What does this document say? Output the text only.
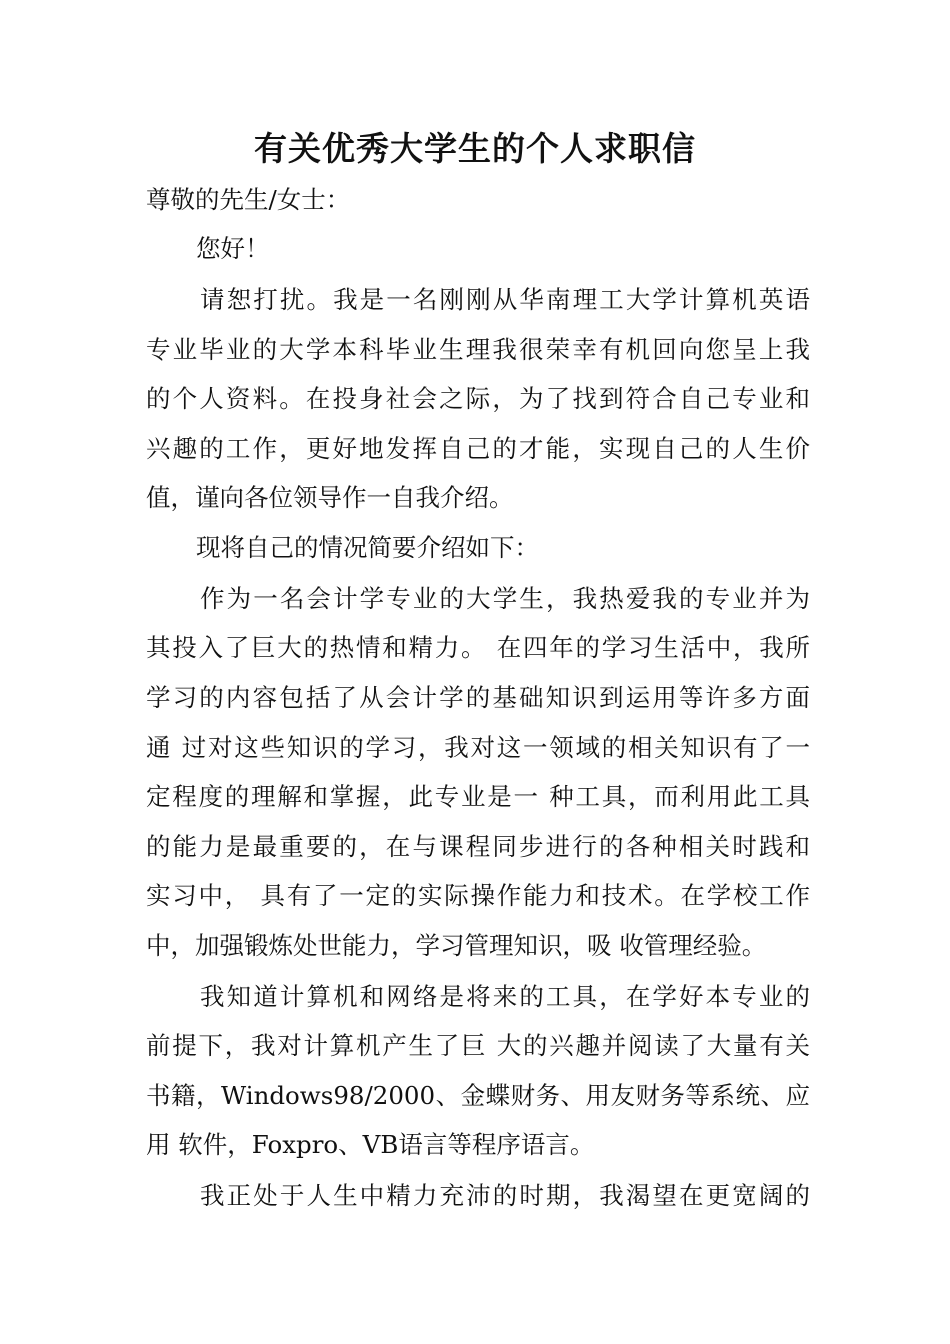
有关优秀大学生的个人求职信
尊敬的先生/女士：
您好！
请恕打扰。我是一名刚刚从华南理工大学计算机英语
专业毕业的大学本科毕业生理我很荣幸有机回向您呈上我
的个人资料。在投身社会之际，为了找到符合自己专业和
兴趣的工作，更好地发挥自己的才能，实现自己的人生价
值，谨向各位领导作一自我介绍。
现将自己的情况简要介绍如下：
作为一名会计学专业的大学生，我热爱我的专业并为
其投入了巨大的热情和精力。 在四年的学习生活中，我所
学习的内容包括了从会计学的基础知识到运用等许多方面
通 过对这些知识的学习，我对这一领域的相关知识有了一
定程度的理解和掌握，此专业是一 种工具，而利用此工具
的能力是最重要的，在与课程同步进行的各种相关时践和
实习中， 具有了一定的实际操作能力和技术。在学校工作
中，加强锻炼处世能力，学习管理知识，吸 收管理经验。
我知道计算机和网络是将来的工具，在学好本专业的
前提下，我对计算机产生了巨 大的兴趣并阅读了大量有关
书籍，Windows98/2000、金蝶财务、用友财务等系统、应
用 软件，Foxpro、VB语言等程序语言。
我正处于人生中精力充沛的时期，我渴望在更宽阔的
